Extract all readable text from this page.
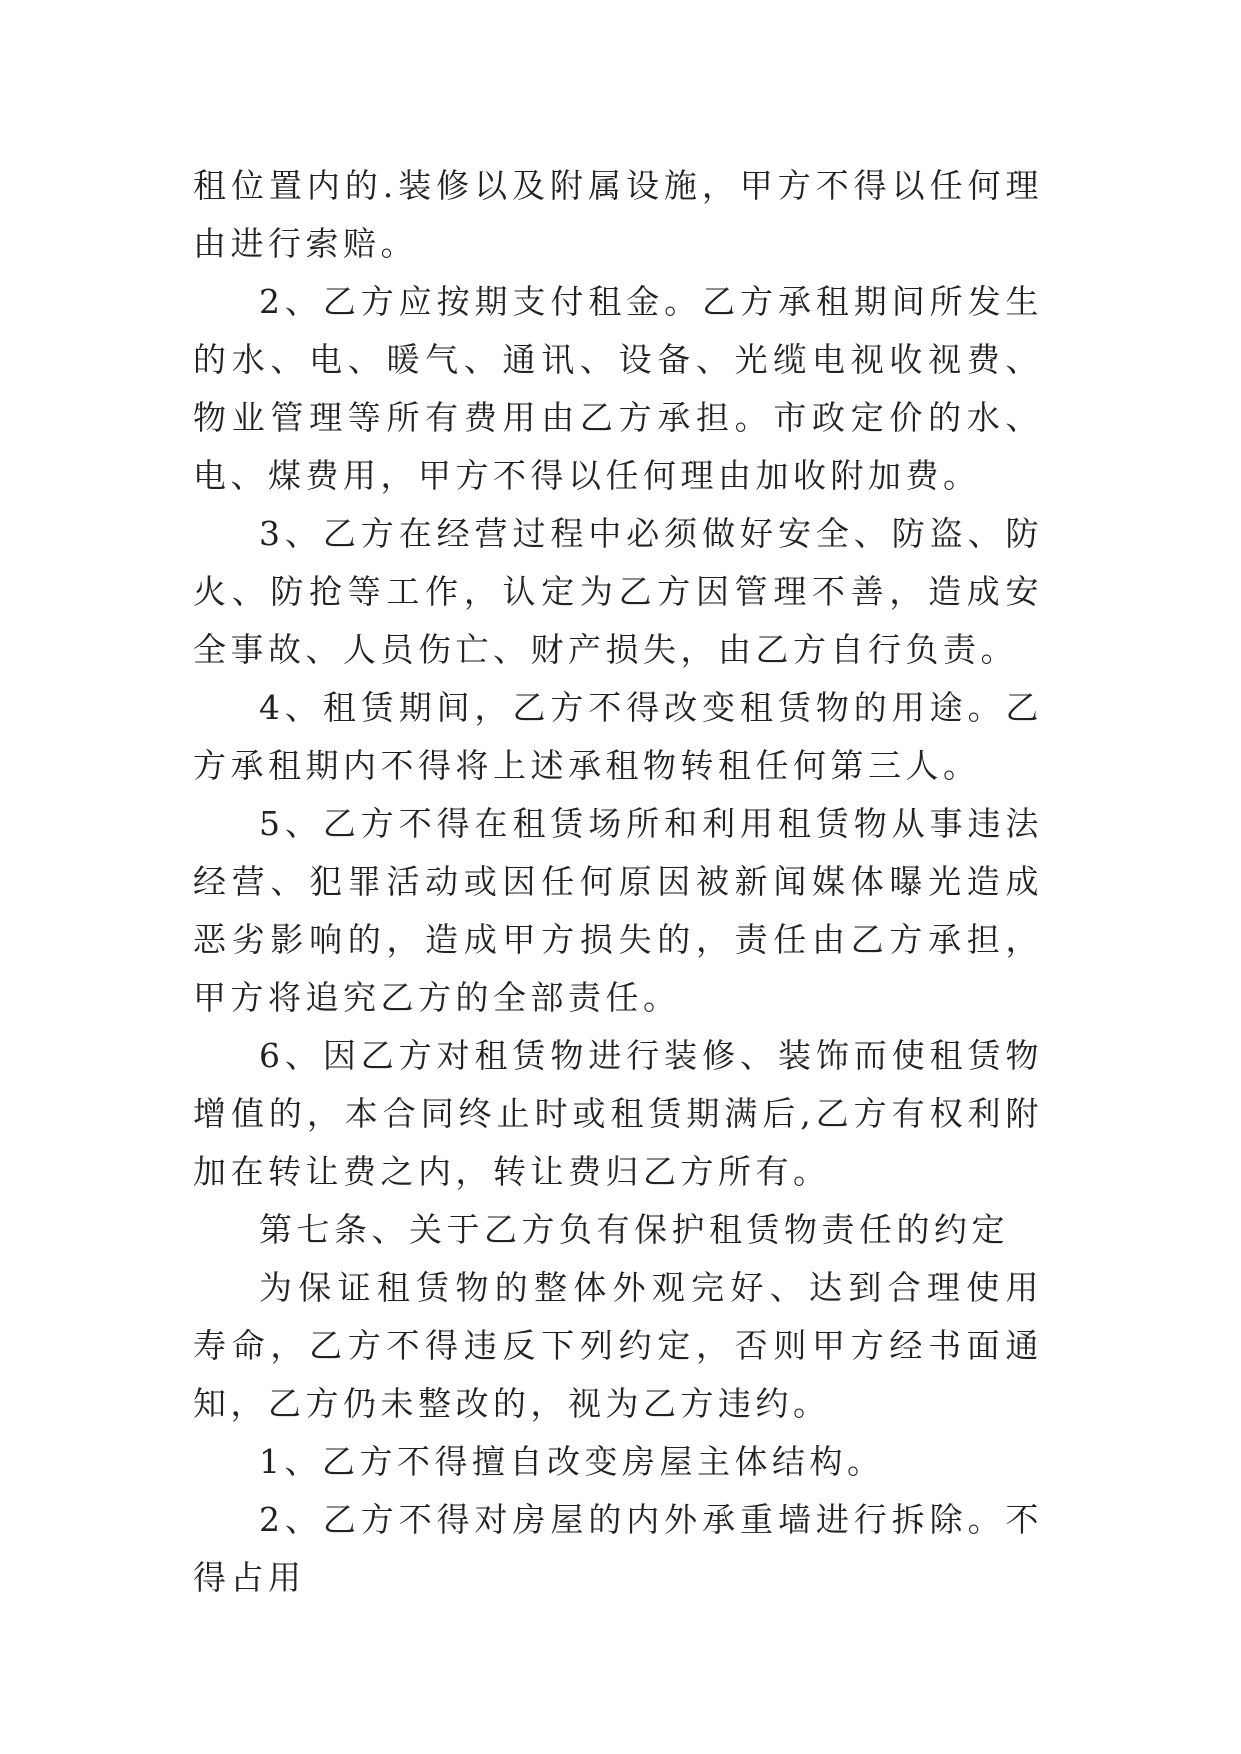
租位置内的.装修以及附属设施，甲方不得以任何理由进行索赔。

2、乙方应按期支付租金。乙方承租期间所发生的水、电、暖气、通讯、设备、光缆电视收视费、物业管理等所有费用由乙方承担。市政定价的水、电、煤费用，甲方不得以任何理由加收附加费。

3、乙方在经营过程中必须做好安全、防盗、防火、防抢等工作，认定为乙方因管理不善，造成安全事故、人员伤亡、财产损失，由乙方自行负责。

4、租赁期间，乙方不得改变租赁物的用途。乙方承租期内不得将上述承租物转租任何第三人。

5、乙方不得在租赁场所和利用租赁物从事违法经营、犯罪活动或因任何原因被新闻媒体曝光造成恶劣影响的，造成甲方损失的，责任由乙方承担，甲方将追究乙方的全部责任。

6、因乙方对租赁物进行装修、装饰而使租赁物增值的，本合同终止时或租赁期满后,乙方有权利附加在转让费之内，转让费归乙方所有。

第七条、关于乙方负有保护租赁物责任的约定

为保证租赁物的整体外观完好、达到合理使用寿命，乙方不得违反下列约定，否则甲方经书面通知，乙方仍未整改的，视为乙方违约。

1、乙方不得擅自改变房屋主体结构。

2、乙方不得对房屋的内外承重墙进行拆除。不得占用
